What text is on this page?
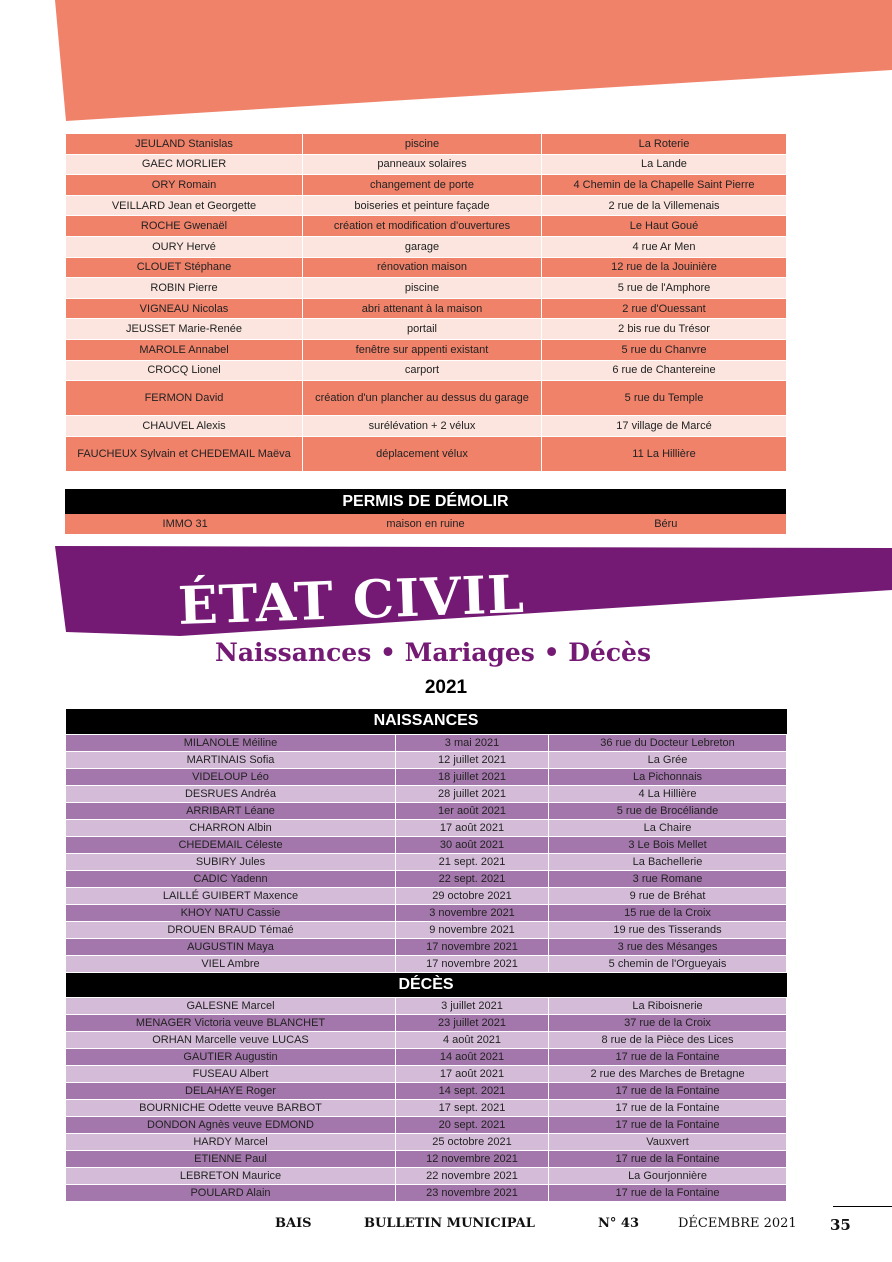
JEULAND Stanislas	piscine	La Roterie
GAEC MORLIER	panneaux solaires	La Lande
ORY Romain	changement de porte	4 Chemin de la Chapelle Saint Pierre
VEILLARD Jean et Georgette	boiseries et peinture façade	2 rue de la Villemenais
ROCHE Gwenaël	création et modification d'ouvertures	Le Haut Goué
OURY Hervé	garage	4 rue Ar Men
CLOUET Stéphane	rénovation maison	12 rue de la Jouinière
ROBIN Pierre	piscine	5 rue de l'Amphore
VIGNEAU Nicolas	abri attenant à la maison	2 rue d'Ouessant
JEUSSET Marie-Renée	portail	2 bis rue du Trésor
MAROLE Annabel	fenêtre sur appenti existant	5 rue du Chanvre
CROCQ Lionel	carport	6 rue de Chantereine
FERMON David	création d'un plancher au dessus du garage	5 rue du Temple
CHAUVEL Alexis	surélévation + 2 vélux	17 village de Marcé
FAUCHEUX Sylvain et CHEDEMAIL Maëva	déplacement vélux	11 La Hillière
PERMIS DE DÉMOLIR
IMMO 31	maison en ruine	Béru
ÉTAT CIVIL
Naissances • Mariages • Décès
2021
NAISSANCES		
MILANOLE Méiline	3 mai 2021	36 rue du Docteur Lebreton
MARTINAIS Sofia	12 juillet 2021	La Grée
VIDELOUP Léo	18 juillet 2021	La Pichonnais
DESRUES Andréa	28 juillet 2021	4 La Hillière
ARRIBART Léane	1er août 2021	5 rue de Brocéliande
CHARRON Albin	17 août 2021	La Chaire
CHEDEMAIL Céleste	30 août 2021	3 Le Bois Mellet
SUBIRY Jules	21 sept. 2021	La Bachellerie
CADIC Yadenn	22 sept. 2021	3 rue Romane
LAILLÉ GUIBERT Maxence	29 octobre 2021	9 rue de Bréhat
KHOY NATU Cassie	3 novembre 2021	15 rue de la Croix
DROUEN BRAUD Témaé	9 novembre 2021	19 rue des Tisserands
AUGUSTIN Maya	17 novembre 2021	3 rue des Mésanges
VIEL Ambre	17 novembre 2021	5 chemin de l'Orgueyais
DÉCÈS		
GALESNE Marcel	3 juillet 2021	La Riboisnerie
MENAGER Victoria veuve BLANCHET	23 juillet 2021	37 rue de la Croix
ORHAN Marcelle veuve LUCAS	4 août 2021	8 rue de la Pièce des Lices
GAUTIER Augustin	14 août 2021	17 rue de la Fontaine
FUSEAU Albert	17 août 2021	2 rue des Marches de Bretagne
DELAHAYE Roger	14 sept. 2021	17 rue de la Fontaine
BOURNICHE Odette veuve BARBOT	17 sept. 2021	17 rue de la Fontaine
DONDON Agnès veuve EDMOND	20 sept. 2021	17 rue de la Fontaine
HARDY Marcel	25 octobre 2021	Vauxvert
ETIENNE Paul	12 novembre 2021	17 rue de la Fontaine
LEBRETON Maurice	22 novembre 2021	La Gourjonnière
POULARD Alain	23 novembre 2021	17 rue de la Fontaine
BAIS	BULLETIN MUNICIPAL	N° 43	DÉCEMBRE 2021 35
